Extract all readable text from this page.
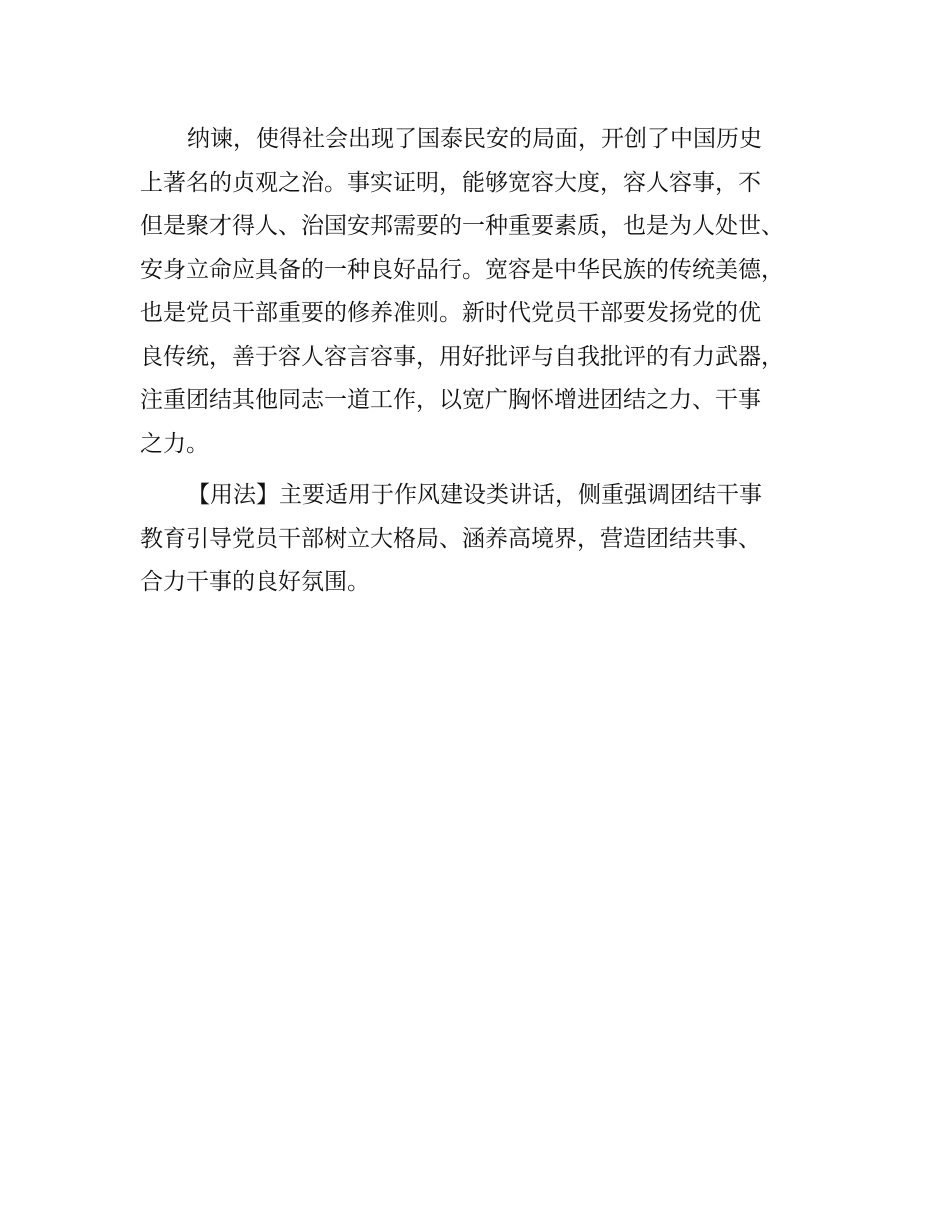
纳谏，使得社会出现了国泰民安的局面，开创了中国历史
上著名的贞观之治。事实证明，能够宽容大度，容人容事，不
但是聚才得人、治国安邦需要的一种重要素质，也是为人处世、
安身立命应具备的一种良好品行。宽容是中华民族的传统美德，
也是党员干部重要的修养准则。新时代党员干部要发扬党的优
良传统，善于容人容言容事，用好批评与自我批评的有力武器，
注重团结其他同志一道工作，以宽广胸怀增进团结之力、干事
之力。
【用法】主要适用于作风建设类讲话，侧重强调团结干事
教育引导党员干部树立大格局、涵养高境界，营造团结共事、
合力干事的良好氛围。
